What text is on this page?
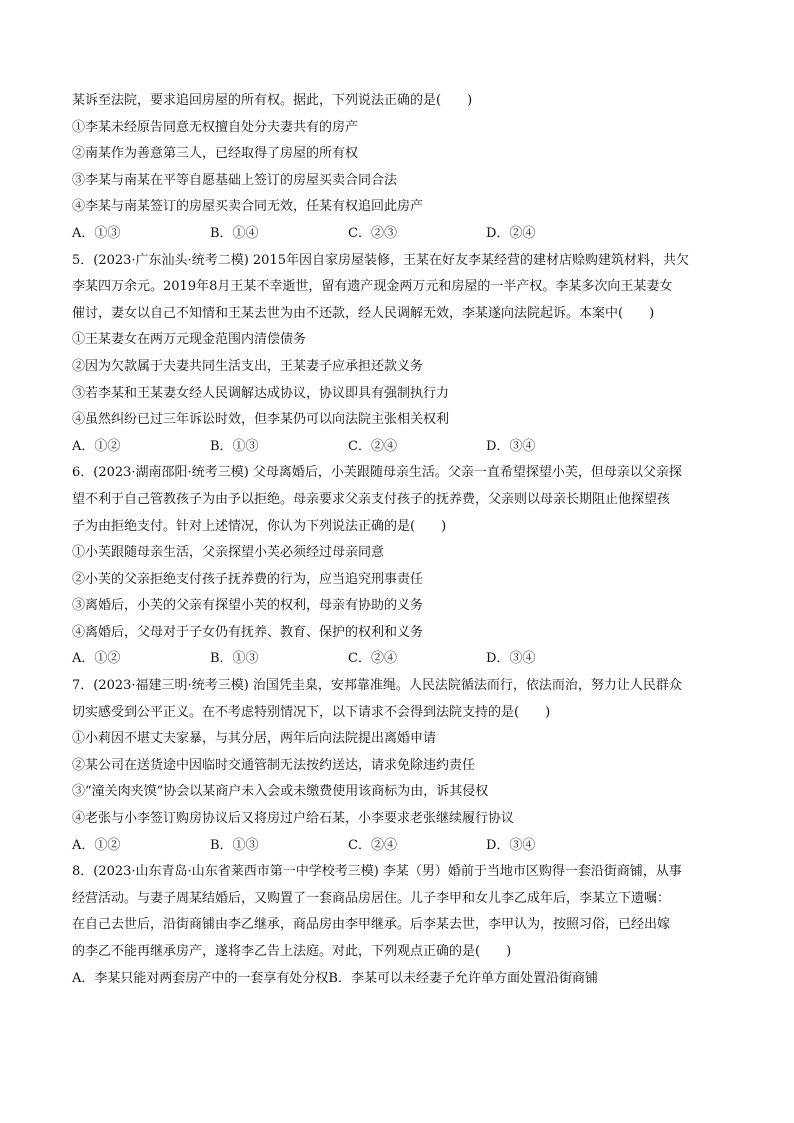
某诉至法院，要求追回房屋的所有权。据此，下列说法正确的是(　　)
①李某未经原告同意无权擅自处分夫妻共有的房产
②南某作为善意第三人，已经取得了房屋的所有权
③李某与南某在平等自愿基础上签订的房屋买卖合同合法
④李某与南某签订的房屋买卖合同无效，任某有权追回此房产
A．①③	B．①④	C．②③	D．②④
5．(2023·广东汕头·统考二模) 2015年因自家房屋装修，王某在好友李某经营的建材店赊购建筑材料，共欠
李某四万余元。2019年8月王某不幸逝世，留有遗产现金两万元和房屋的一半产权。李某多次向王某妻女
催讨，妻女以自己不知情和王某去世为由不还款，经人民调解无效，李某遂向法院起诉。本案中(　　)
①王某妻女在两万元现金范围内清偿债务
②因为欠款属于夫妻共同生活支出，王某妻子应承担还款义务
③若李某和王某妻女经人民调解达成协议，协议即具有强制执行力
④虽然纠纷已过三年诉讼时效，但李某仍可以向法院主张相关权利
A．①②	B．①③	C．②④	D．③④
6．(2023·湖南邵阳·统考三模) 父母离婚后，小芙跟随母亲生活。父亲一直希望探望小芙，但母亲以父亲探
望不利于自己管教孩子为由予以拒绝。母亲要求父亲支付孩子的抚养费，父亲则以母亲长期阻止他探望孩
子为由拒绝支付。针对上述情况，你认为下列说法正确的是(　　)
①小芙跟随母亲生活，父亲探望小芙必须经过母亲同意
②小芙的父亲拒绝支付孩子抚养费的行为，应当追究刑事责任
③离婚后，小芙的父亲有探望小芙的权利，母亲有协助的义务
④离婚后，父母对于子女仍有抚养、教育、保护的权利和义务
A．①②	B．①③	C．②④	D．③④
7．(2023·福建三明·统考三模) 治国凭圭臬，安邦靠准绳。人民法院循法而行，依法而治，努力让人民群众
切实感受到公平正义。在不考虑特别情况下，以下请求不会得到法院支持的是(　　)
①小莉因不堪丈夫家暴，与其分居，两年后向法院提出离婚申请
②某公司在送货途中因临时交通管制无法按约送达，请求免除违约责任
③“潼关肉夹馍”协会以某商户未入会或未缴费使用该商标为由，诉其侵权
④老张与小李签订购房协议后又将房过户给石某，小李要求老张继续履行协议
A．①②	B．①③	C．②④	D．③④
8．(2023·山东青岛·山东省莱西市第一中学校考三模) 李某（男）婚前于当地市区购得一套沿街商铺，从事
经营活动。与妻子周某结婚后，又购置了一套商品房居住。儿子李甲和女儿李乙成年后，李某立下遗嘱：
在自己去世后，沿街商铺由李乙继承，商品房由李甲继承。后李某去世，李甲认为，按照习俗，已经出嫁
的李乙不能再继承房产，遂将李乙告上法庭。对此，下列观点正确的是(　　)
A．李某只能对两套房产中的一套享有处分权 B．李某可以未经妻子允许单方面处置沿街商铺
